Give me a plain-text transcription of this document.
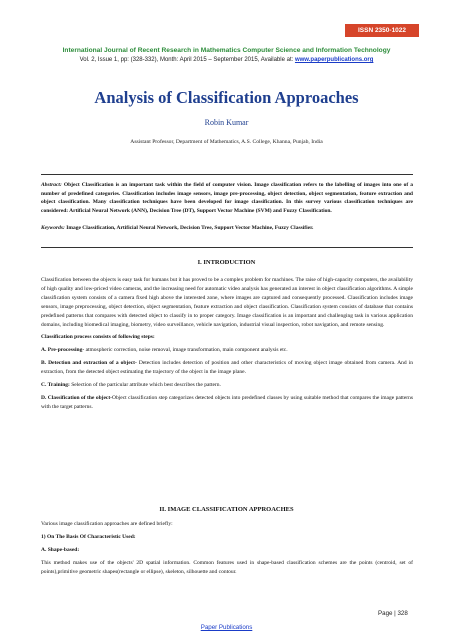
ISSN 2350-1022
International Journal of Recent Research in Mathematics Computer Science and Information Technology
Vol. 2, Issue 1, pp: (328-332), Month: April 2015 – September 2015, Available at: www.paperpublications.org
Analysis of Classification Approaches
Robin Kumar
Assistant Professor, Department of Mathematics, A.S. College, Khanna, Punjab, India
Abstract: Object Classification is an important task within the field of computer vision. Image classification refers to the labelling of images into one of a number of predefined categories. Classification includes image sensors, image pre-processing, object detection, object segmentation, feature extraction and object classification. Many classification techniques have been developed for image classification. In this survey various classification techniques are considered: Artificial Neural Network (ANN), Decision Tree (DT), Support Vector Machine (SVM) and Fuzzy Classification.
Keywords: Image Classification, Artificial Neural Network, Decision Tree, Support Vector Machine, Fuzzy Classifier.
I. INTRODUCTION

Classification between the objects is easy task for humans but it has proved to be a complex problem for machines. The raise of high-capacity computers, the availability of high quality and low-priced video cameras, and the increasing need for automatic video analysis has generated an interest in object classification algorithms. A simple classification system consists of a camera fixed high above the interested zone, where images are captured and consequently processed. Classification includes image sensors, image preprocessing, object detection, object segmentation, feature extraction and object classification. Classification system consists of database that contains predefined patterns that compares with detected object to classify in to proper category. Image classification is an important and challenging task in various application domains, including biomedical imaging, biometry, video surveillance, vehicle navigation, industrial visual inspection, robot navigation, and remote sensing.

Classification process consists of following steps:

A. Pre-processing- atmospheric correction, noise removal, image transformation, main component analysis etc.

B. Detection and extraction of a object- Detection includes detection of position and other characteristics of moving object image obtained from camera. And in extraction, from the detected object estimating the trajectory of the object in the image plane.

C. Training: Selection of the particular attribute which best describes the pattern.

D. Classification of the object-Object classification step categorizes detected objects into predefined classes by using suitable method that compares the image patterns with the target patterns.

II. IMAGE CLASSIFICATION APPROACHES

Various image classification approaches are defined briefly:

1) On The Basis Of Characteristic Used:

A. Shape-based:

This method makes use of the objects' 2D spatial information. Common features used in shape-based classification schemes are the points (centroid, set of points),primitive geometric shapes(rectangle or ellipse), skeleton, silhouette and contour.

Page | 328
Paper Publications
